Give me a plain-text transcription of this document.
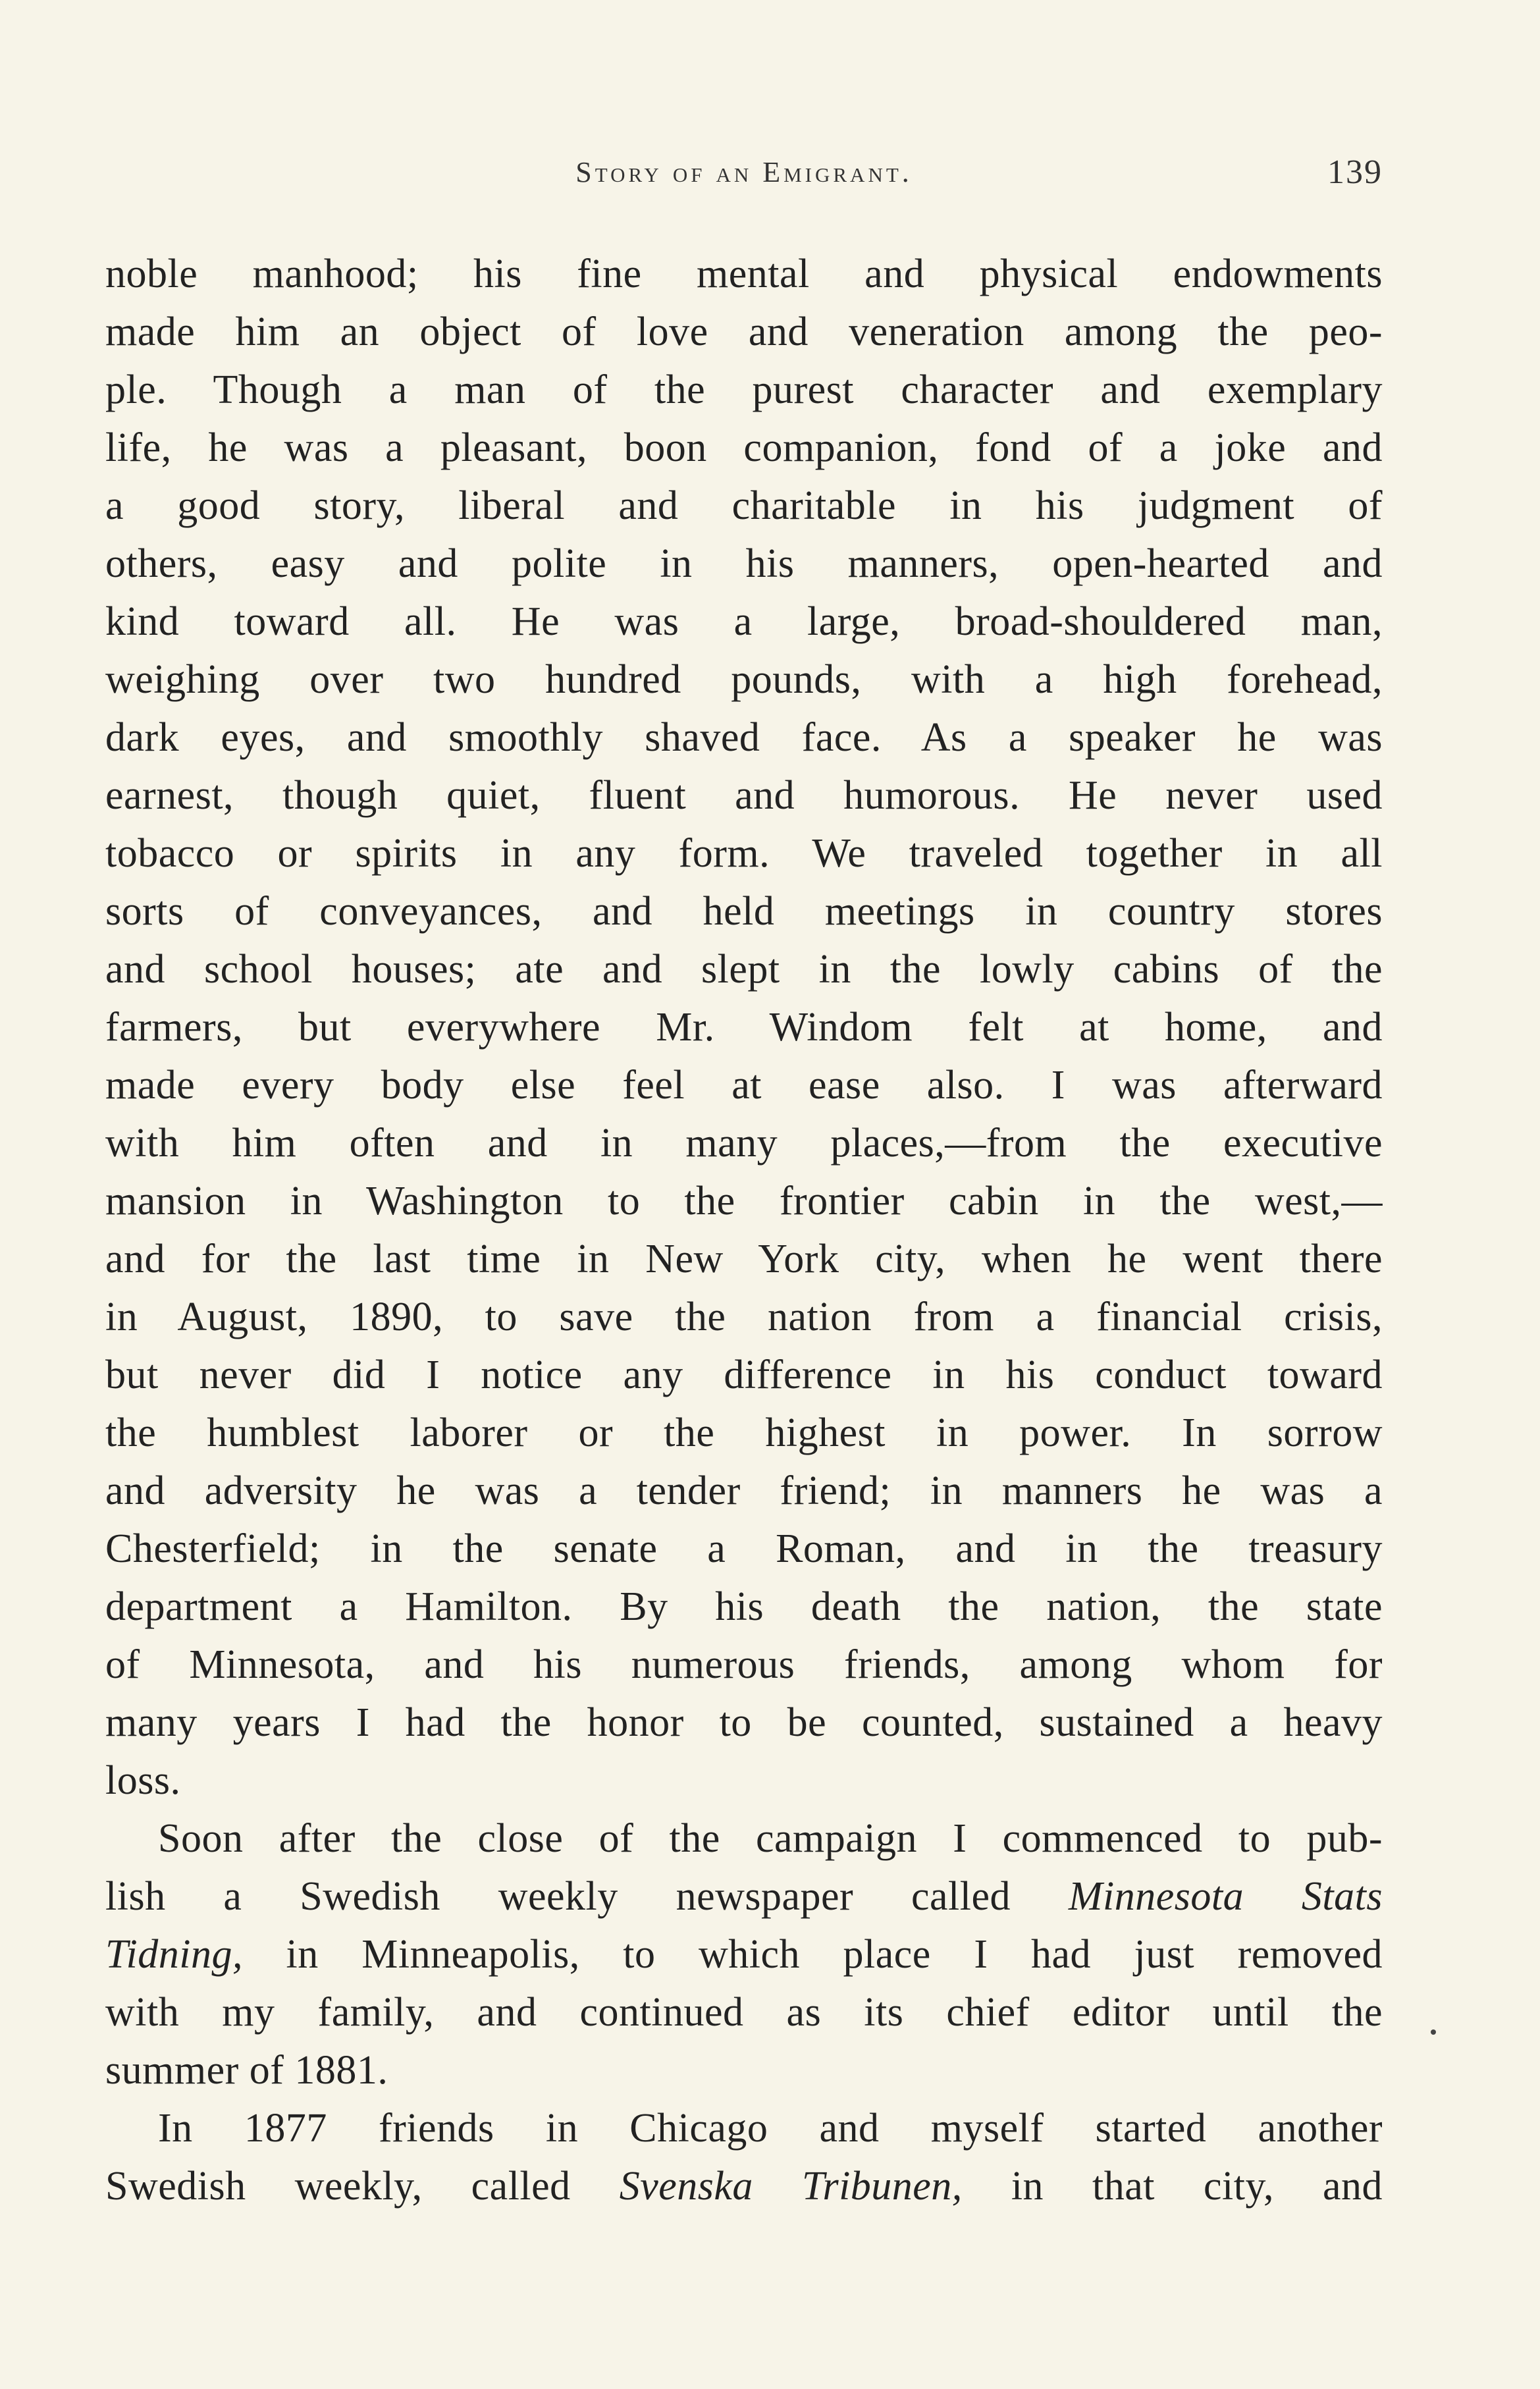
Story of an Emigrant.	139
noble manhood; his fine mental and physical endowments
made him an object of love and veneration among the peo-
ple. Though a man of the purest character and exemplary
life, he was a pleasant, boon companion, fond of a joke and
a good story, liberal and charitable in his judgment of
others, easy and polite in his manners, open-hearted and
kind toward all. He was a large, broad-shouldered man,
weighing over two hundred pounds, with a high forehead,
dark eyes, and smoothly shaved face. As a speaker he was
earnest, though quiet, fluent and humorous. He never used
tobacco or spirits in any form. We traveled together in all
sorts of conveyances, and held meetings in country stores
and school houses; ate and slept in the lowly cabins of the
farmers, but everywhere Mr. Windom felt at home, and
made every body else feel at ease also. I was afterward
with him often and in many places,—from the executive
mansion in Washington to the frontier cabin in the west,—
and for the last time in New York city, when he went there
in August, 1890, to save the nation from a financial crisis,
but never did I notice any difference in his conduct toward
the humblest laborer or the highest in power. In sorrow
and adversity he was a tender friend; in manners he was a
Chesterfield; in the senate a Roman, and in the treasury
department a Hamilton. By his death the nation, the state
of Minnesota, and his numerous friends, among whom for
many years I had the honor to be counted, sustained a heavy
loss.
Soon after the close of the campaign I commenced to pub-
lish a Swedish weekly newspaper called Minnesota Stats
Tidning, in Minneapolis, to which place I had just removed
with my family, and continued as its chief editor until the
summer of 1881.
In 1877 friends in Chicago and myself started another
Swedish weekly, called Svenska Tribunen, in that city, and
